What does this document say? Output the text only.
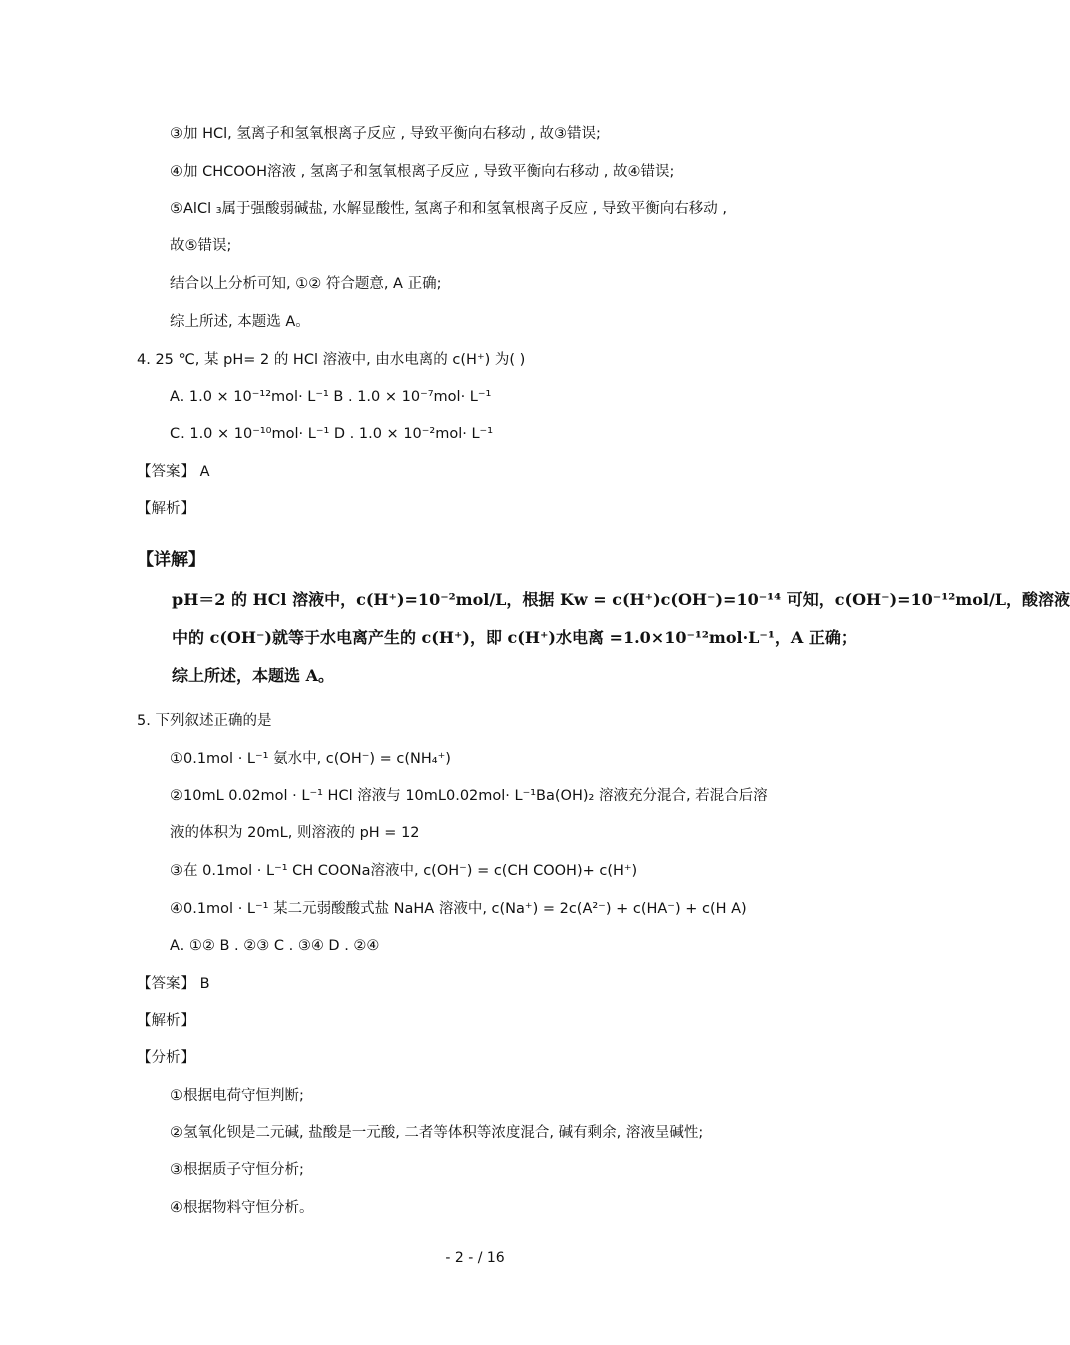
③加 HCl, 氢离子和氢氧根离子反应 , 导致平衡向右移动 , 故③错误;
④加 CHCOOH溶液 , 氢离子和氢氧根离子反应 , 导致平衡向右移动 , 故④错误;
⑤AlCl ₃属于强酸弱碱盐, 水解显酸性, 氢离子和和氢氧根离子反应 , 导致平衡向右移动 ,
故⑤错误;
结合以上分析可知, ①② 符合题意, A 正确;
综上所述, 本题选 A。
4. 25 ℃, 某 pH= 2 的 HCl 溶液中, 由水电离的 c(H⁺) 为( )
A. 1.0 × 10⁻¹²mol· L⁻¹ B . 1.0 × 10⁻⁷mol· L⁻¹
C. 1.0 × 10⁻¹⁰mol· L⁻¹ D . 1.0 × 10⁻²mol· L⁻¹
【答案】 A
【解析】
【详解】
pH＝2 的 HCl 溶液中，c(H⁺)=10⁻²mol/L，根据 Kw = c(H⁺)c(OH⁻)=10⁻¹⁴ 可知，c(OH⁻)=10⁻¹²mol/L，酸溶液
中的 c(OH⁻)就等于水电离产生的 c(H⁺)，即 c(H⁺)水电离 =1.0×10⁻¹²mol·L⁻¹，A 正确；
综上所述，本题选 A。
5. 下列叙述正确的是
①0.1mol · L⁻¹ 氨水中, c(OH⁻) = c(NH₄⁺)
②10mL 0.02mol · L⁻¹ HCl 溶液与 10mL0.02mol· L⁻¹Ba(OH)₂ 溶液充分混合, 若混合后溶
液的体积为 20mL, 则溶液的 pH = 12
③在 0.1mol · L⁻¹ CH COONa溶液中, c(OH⁻) = c(CH COOH)+ c(H⁺)
④0.1mol · L⁻¹ 某二元弱酸酸式盐 NaHA 溶液中, c(Na⁺) = 2c(A²⁻) + c(HA⁻) + c(H A)
A. ①② B . ②③ C . ③④ D . ②④
【答案】 B
【解析】
【分析】
①根据电荷守恒判断;
②氢氧化钡是二元碱, 盐酸是一元酸, 二者等体积等浓度混合, 碱有剩余, 溶液呈碱性;
③根据质子守恒分析;
④根据物料守恒分析。
- 2 - / 16
